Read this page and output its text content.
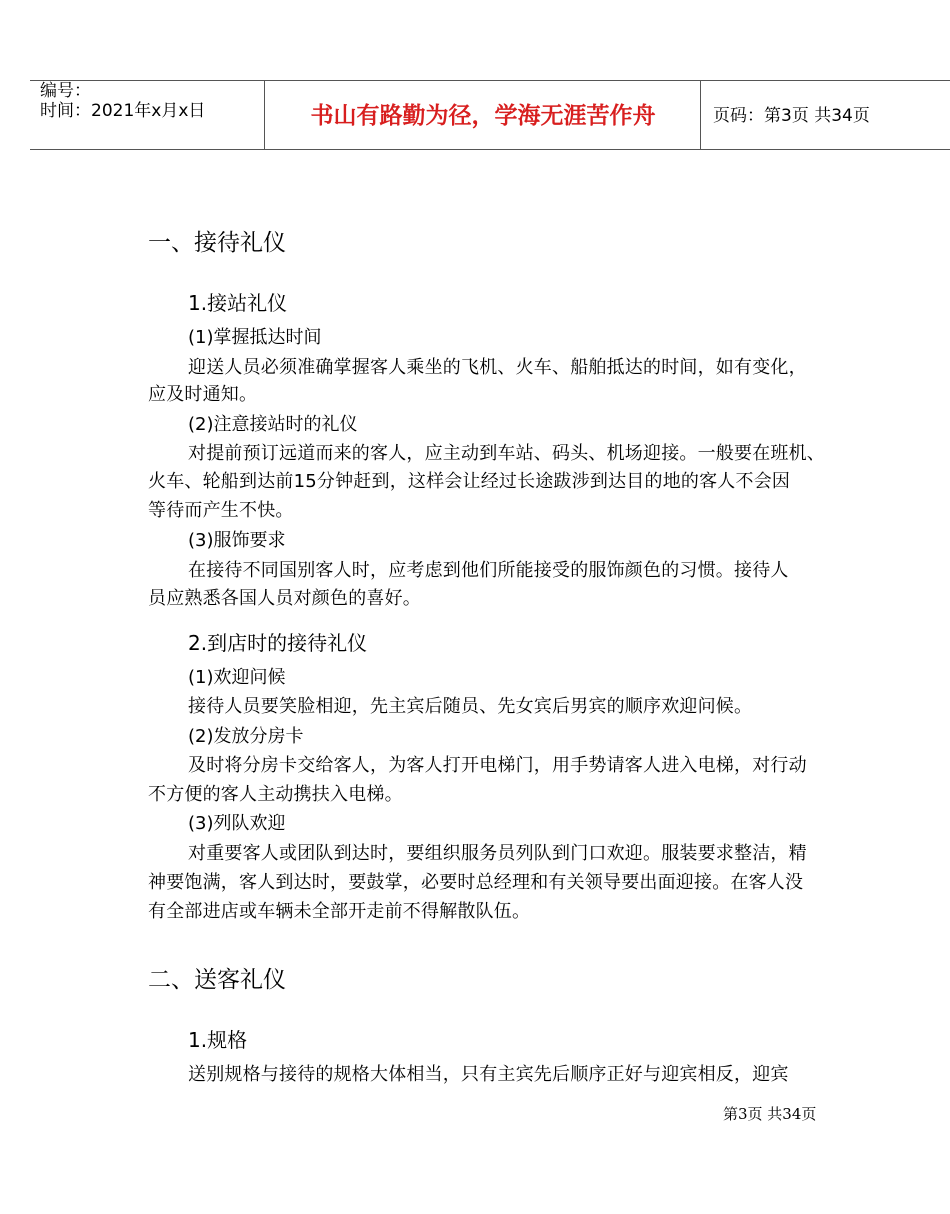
编号：
时间：2021年x月x日	书山有路勤为径，学海无涯苦作舟	页码：第3页 共34页
一、接待礼仪
1.接站礼仪
(1)掌握抵达时间
迎送人员必须准确掌握客人乘坐的飞机、火车、船舶抵达的时间，如有变化，
应及时通知。
(2)注意接站时的礼仪
对提前预订远道而来的客人，应主动到车站、码头、机场迎接。一般要在班机、
火车、轮船到达前15分钟赶到，这样会让经过长途跋涉到达目的地的客人不会因
等待而产生不快。
(3)服饰要求
在接待不同国别客人时，应考虑到他们所能接受的服饰颜色的习惯。接待人
员应熟悉各国人员对颜色的喜好。
2.到店时的接待礼仪
(1)欢迎问候
接待人员要笑脸相迎，先主宾后随员、先女宾后男宾的顺序欢迎问候。
(2)发放分房卡
及时将分房卡交给客人，为客人打开电梯门，用手势请客人进入电梯，对行动
不方便的客人主动携扶入电梯。
(3)列队欢迎
对重要客人或团队到达时，要组织服务员列队到门口欢迎。服装要求整洁，精
神要饱满，客人到达时，要鼓掌，必要时总经理和有关领导要出面迎接。在客人没
有全部进店或车辆未全部开走前不得解散队伍。
二、送客礼仪
1.规格
送别规格与接待的规格大体相当，只有主宾先后顺序正好与迎宾相反，迎宾
第3页 共34页
